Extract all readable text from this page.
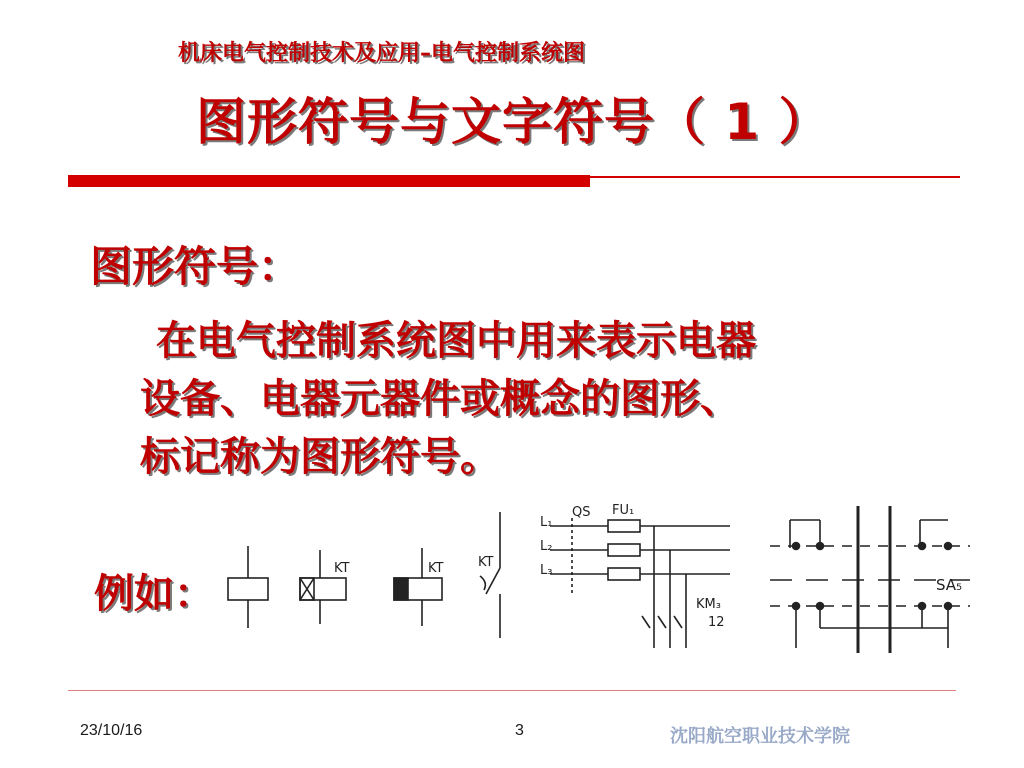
机床电气控制技术及应用–电气控制系统图
图形符号与文字符号（ 1 ）
图形符号：
在电气控制系统图中用来表示电器
设备、电器元器件或概念的图形、
标记称为图形符号。
例如：
KT	KT	KT
QS FU₁
L₁
L₂
L₃
KM₃
12
SA₅
23/10/16	3	沈阳航空职业技术学院
